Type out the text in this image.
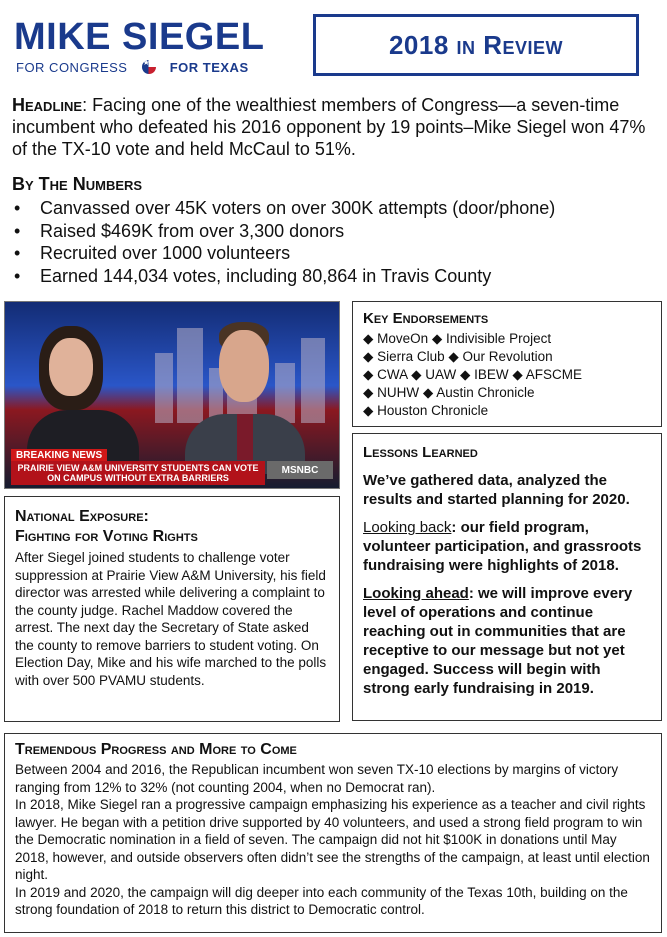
MIKE SIEGEL
FOR CONGRESS ★	FOR TEXAS
2018 in Review
Headline: Facing one of the wealthiest members of Congress—a seven-time incumbent who defeated his 2016 opponent by 19 points–Mike Siegel won 47% of the TX-10 vote and held McCaul to 51%.
By The Numbers
• Canvassed over 45K voters on over 300K attempts (door/phone)
• Raised $469K from over 3,300 donors
• Recruited over 1000 volunteers
• Earned 144,034 votes, including 80,864 in Travis County
BREAKING NEWS
PRAIRIE VIEW A&M UNIVERSITY STUDENTS CAN VOTE ON CAMPUS WITHOUT EXTRA BARRIERS
MSNBC
Key Endorsements
◆ MoveOn ◆ Indivisible Project
◆ Sierra Club ◆ Our Revolution
◆ CWA ◆ UAW ◆ IBEW ◆ AFSCME
◆ NUHW ◆ Austin Chronicle
◆ Houston Chronicle
Lessons Learned

We’ve gathered data, analyzed the results and started planning for 2020.

Looking back: our field program, volunteer participation, and grassroots fundraising were highlights of 2018.

Looking ahead: we will improve every level of operations and continue reaching out in communities that are receptive to our message but not yet engaged. Success will begin with strong early fundraising in 2019.

National Exposure:
Fighting for Voting Rights
After Siegel joined students to challenge voter suppression at Prairie View A&M University, his field director was arrested while delivering a complaint to the county judge. Rachel Maddow covered the arrest. The next day the Secretary of State asked the county to remove barriers to student voting. On Election Day, Mike and his wife marched to the polls with over 500 PVAMU students.
Tremendous Progress and More to Come

Between 2004 and 2016, the Republican incumbent won seven TX-10 elections by margins of victory ranging from 12% to 32% (not counting 2004, when no Democrat ran).

In 2018, Mike Siegel ran a progressive campaign emphasizing his experience as a teacher and civil rights lawyer. He began with a petition drive supported by 40 volunteers, and used a strong field program to win the Democratic nomination in a field of seven. The campaign did not hit $100K in donations until May 2018, however, and outside observers often didn’t see the strengths of the campaign, at least until election night.

In 2019 and 2020, the campaign will dig deeper into each community of the Texas 10th, building on the strong foundation of 2018 to return this district to Democratic control.
